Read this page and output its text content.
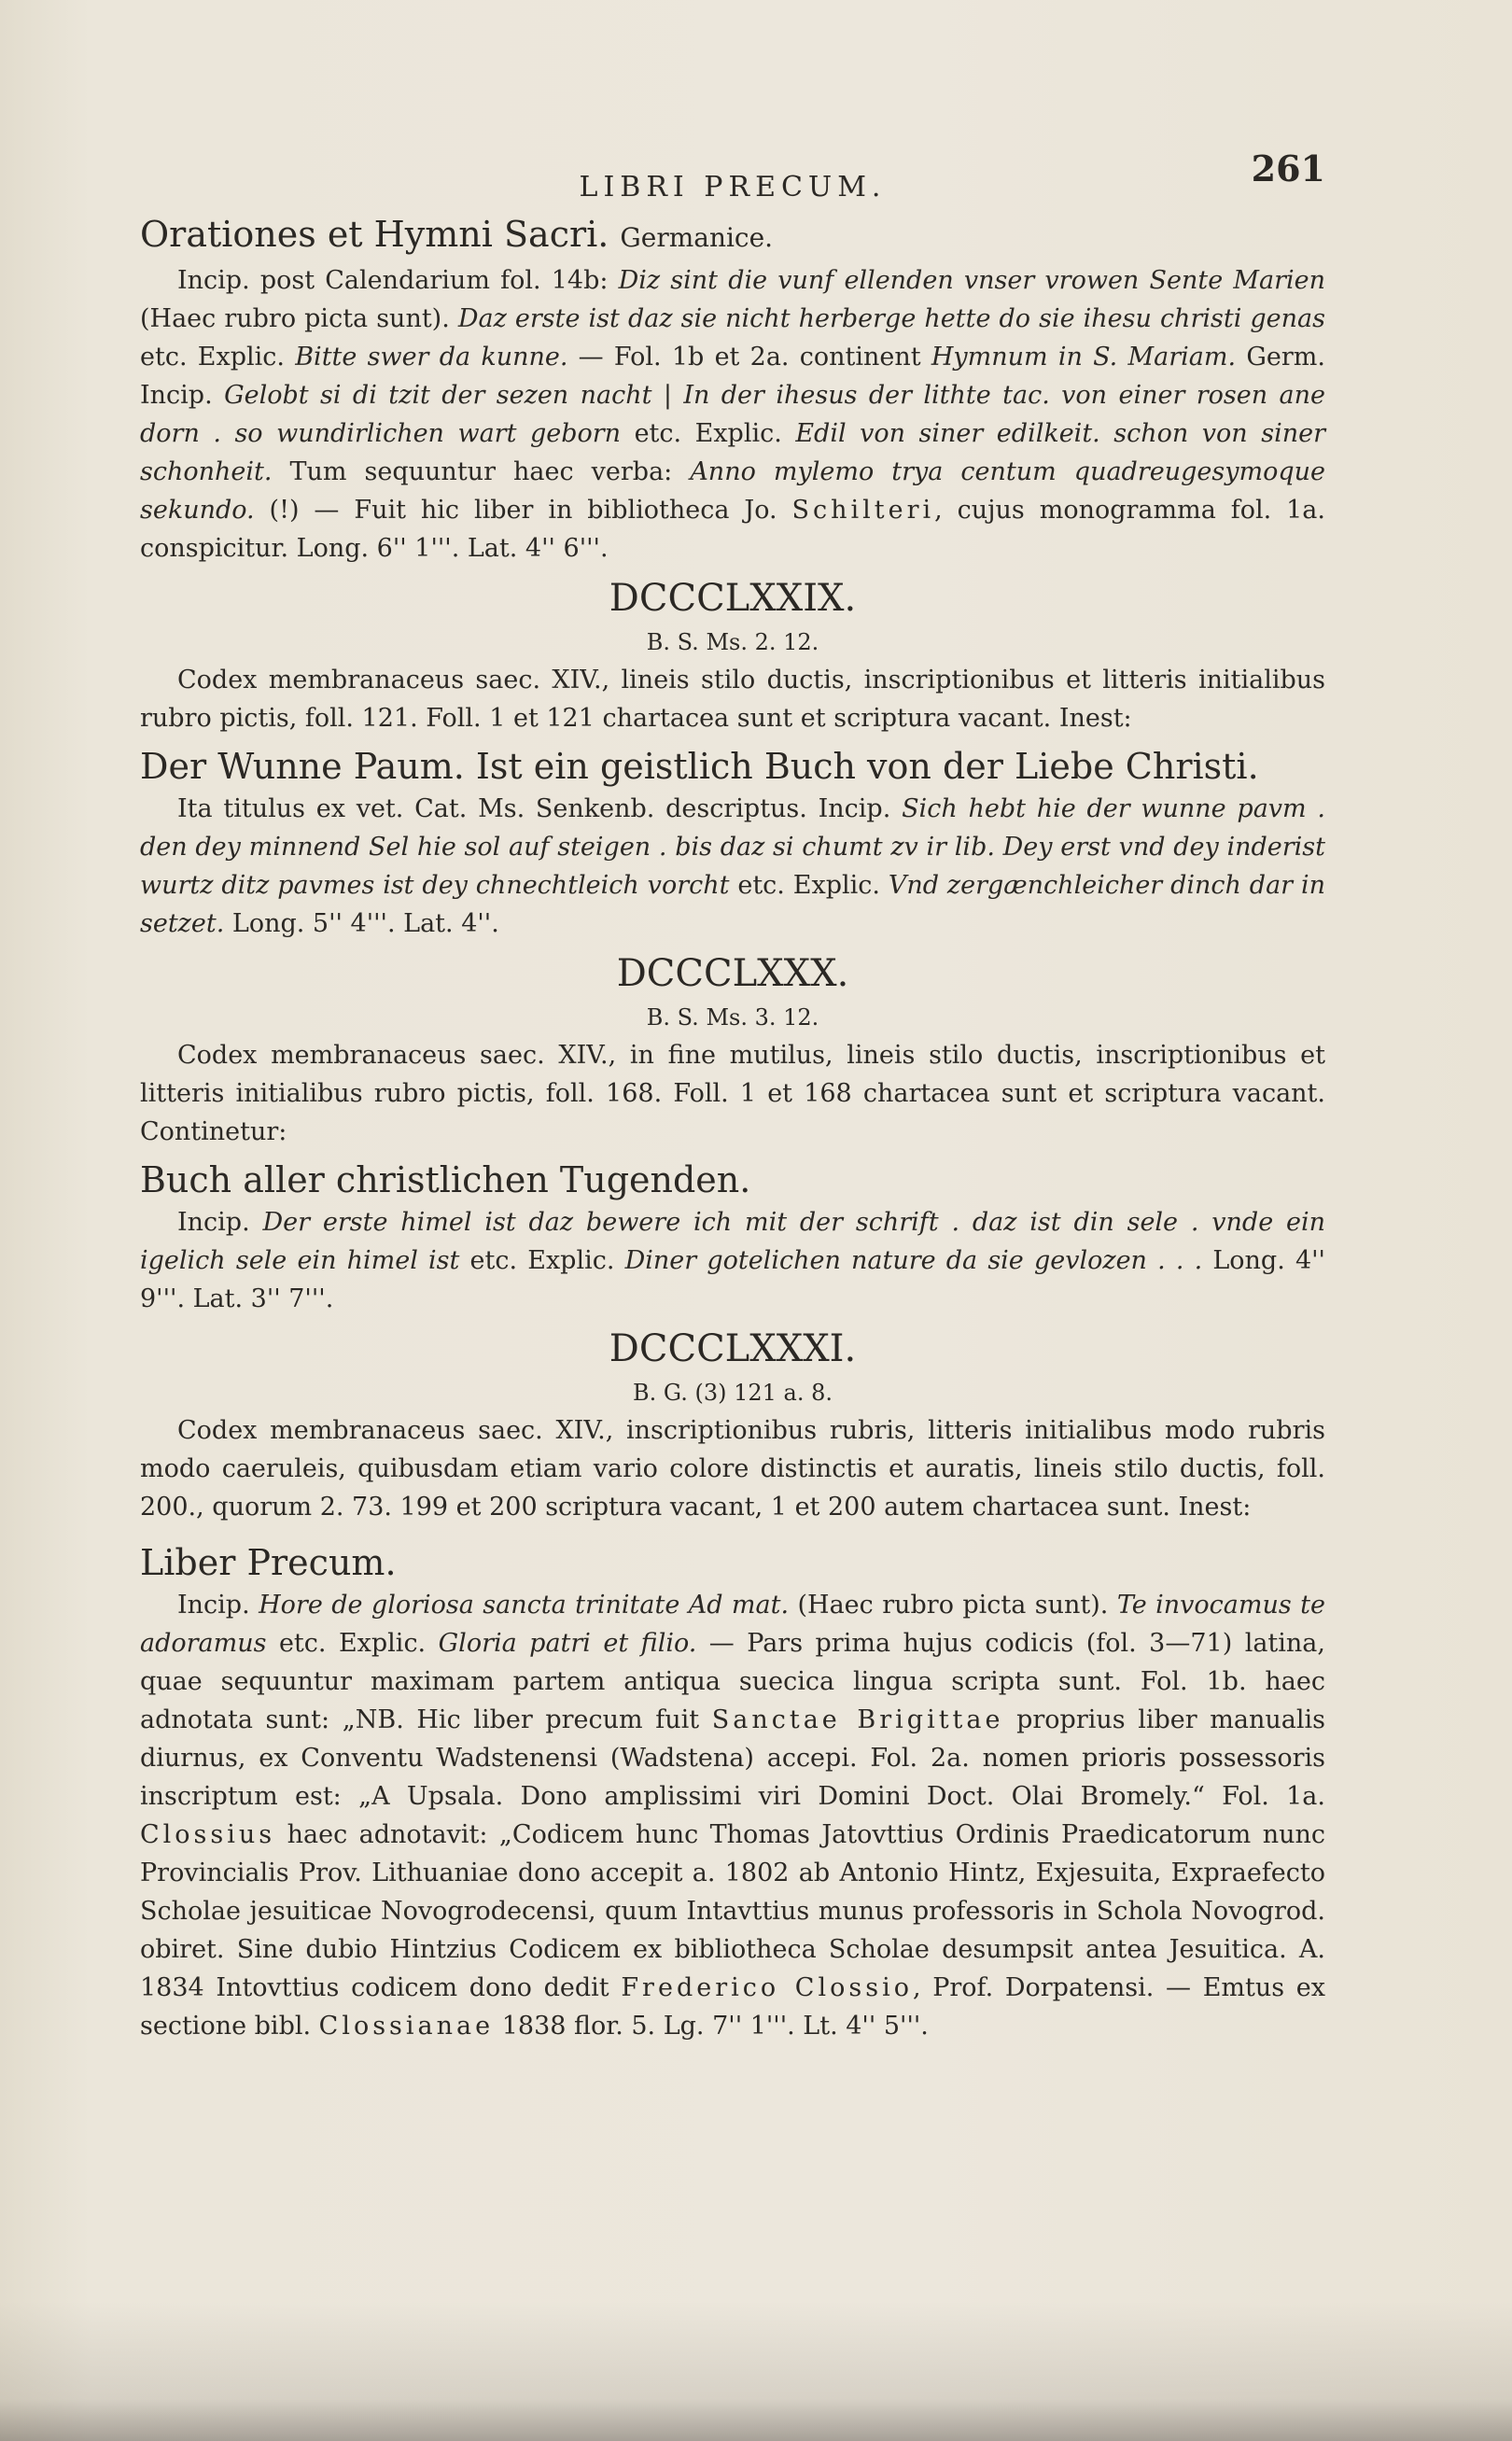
LIBRI PRECUM.	261
Orationes et Hymni Sacri. Germanice.

Incip. post Calendarium fol. 14b: Diz sint die vunf ellenden vnser vrowen Sente Marien (Haec rubro picta sunt). Daz erste ist daz sie nicht herberge hette do sie ihesu christi genas etc. Explic. Bitte swer da kunne. — Fol. 1b et 2a. continent Hymnum in S. Mariam. Germ. Incip. Gelobt si di tzit der sezen nacht | In der ihesus der lithte tac. von einer rosen ane dorn . so wundirlichen wart geborn etc. Explic. Edil von siner edilkeit. schon von siner schonheit. Tum sequuntur haec verba: Anno mylemo trya centum quadreugesymoque sekundo. (!) — Fuit hic liber in bibliotheca Jo. Schilteri, cujus monogramma fol. 1a. conspicitur. Long. 6'' 1'''. Lat. 4'' 6'''.

DCCCLXXIX.
B. S. Ms. 2. 12.

Codex membranaceus saec. XIV., lineis stilo ductis, inscriptionibus et litteris initialibus rubro pictis, foll. 121. Foll. 1 et 121 chartacea sunt et scriptura vacant. Inest:

Der Wunne Paum. Ist ein geistlich Buch von der Liebe Christi.

Ita titulus ex vet. Cat. Ms. Senkenb. descriptus. Incip. Sich hebt hie der wunne pavm . den dey minnend Sel hie sol auf steigen . bis daz si chumt zv ir lib. Dey erst vnd dey inderist wurtz ditz pavmes ist dey chnechtleich vorcht etc. Explic. Vnd zergænchleicher dinch dar in setzet. Long. 5'' 4'''. Lat. 4''.

DCCCLXXX.
B. S. Ms. 3. 12.

Codex membranaceus saec. XIV., in fine mutilus, lineis stilo ductis, inscriptionibus et litteris initialibus rubro pictis, foll. 168. Foll. 1 et 168 chartacea sunt et scriptura vacant. Continetur:

Buch aller christlichen Tugenden.

Incip. Der erste himel ist daz bewere ich mit der schrift . daz ist din sele . vnde ein igelich sele ein himel ist etc. Explic. Diner gotelichen nature da sie gevlozen . . . Long. 4'' 9'''. Lat. 3'' 7'''.

DCCCLXXXI.
B. G. (3) 121 a. 8.

Codex membranaceus saec. XIV., inscriptionibus rubris, litteris initialibus modo rubris modo caeruleis, quibusdam etiam vario colore distinctis et auratis, lineis stilo ductis, foll. 200., quorum 2. 73. 199 et 200 scriptura vacant, 1 et 200 autem chartacea sunt. Inest:

Liber Precum.

Incip. Hore de gloriosa sancta trinitate Ad mat. (Haec rubro picta sunt). Te invocamus te adoramus etc. Explic. Gloria patri et filio. — Pars prima hujus codicis (fol. 3—71) latina, quae sequuntur maximam partem antiqua suecica lingua scripta sunt. Fol. 1b. haec adnotata sunt: „NB. Hic liber precum fuit Sanctae Brigittae proprius liber manualis diurnus, ex Conventu Wadstenensi (Wadstena) accepi. Fol. 2a. nomen prioris possessoris inscriptum est: „A Upsala. Dono amplissimi viri Domini Doct. Olai Bromely.“ Fol. 1a. Clossius haec adnotavit: „Codicem hunc Thomas Jatovttius Ordinis Praedicatorum nunc Provincialis Prov. Lithuaniae dono accepit a. 1802 ab Antonio Hintz, Exjesuita, Expraefecto Scholae jesuiticae Novogrodecensi, quum Intavttius munus professoris in Schola Novogrod. obiret. Sine dubio Hintzius Codicem ex bibliotheca Scholae desumpsit antea Jesuitica. A. 1834 Intovttius codicem dono dedit Frederico Clossio, Prof. Dorpatensi. — Emtus ex sectione bibl. Clossianae 1838 flor. 5. Lg. 7'' 1'''. Lt. 4'' 5'''.
